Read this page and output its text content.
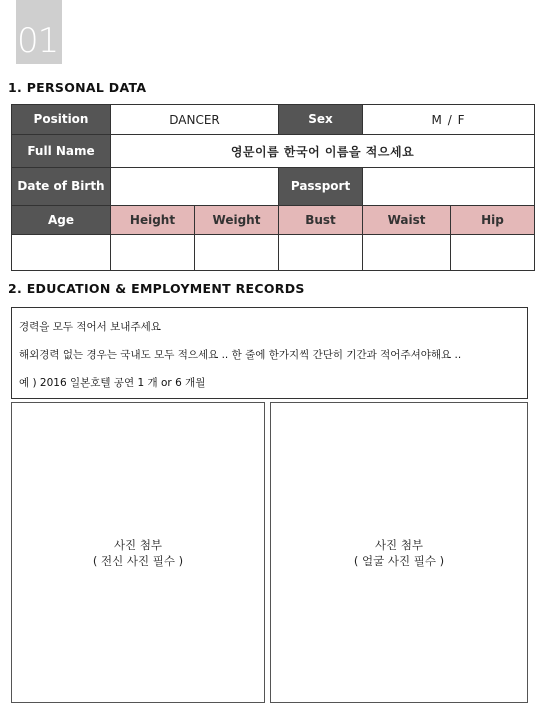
01
1. PERSONAL DATA
Position	DANCER		Sex	M / F	
Full Name	영문이름 한국어 이름을 적으세요				
Date of Birth			Passport		
Age	Height	Weight	Bust	Waist	Hip

2. EDUCATION & EMPLOYMENT RECORDS
경력을 모두 적어서 보내주세요
해외경력 없는 경우는 국내도 모두 적으세요 .. 한 줄에 한가지씩 간단히 기간과 적어주셔야해요 ..
예 ) 2016 일본호텔 공연 1 개 or 6 개월
사진 첨부
( 전신 사진 필수 )
사진 첨부
( 얼굴 사진 필수 )
